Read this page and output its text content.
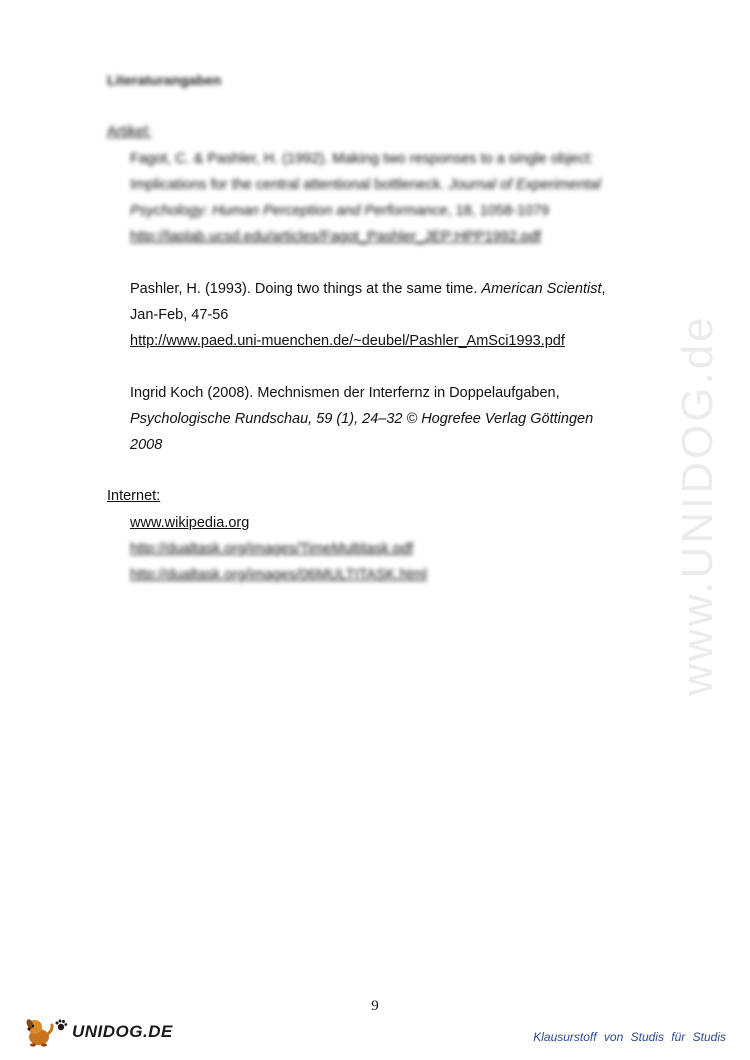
www.UNIDOG.de
Literaturangaben
Artikel:
Fagot, C. & Pashler, H. (1992). Making two responses to a single object:
Implications for the central attentional bottleneck. Journal of Experimental
Psychology: Human Perception and Performance, 18, 1058-1079
http://laplab.ucsd.edu/articles/Fagot_Pashler_JEP:HPP1992.pdf
Pashler, H. (1993). Doing two things at the same time. American Scientist,
Jan-Feb, 47-56
http://www.paed.uni-muenchen.de/~deubel/Pashler_AmSci1993.pdf
Ingrid Koch (2008). Mechnismen der Interfernz in Doppelaufgaben,
Psychologische Rundschau, 59 (1), 24–32 © Hogrefee Verlag Göttingen
2008
Internet:
www.wikipedia.org
http://dualtask.org/images/TimeMultitask.pdf
http://dualtask.org/images/06MULTITASK.html
9
UNIDOG.DE	Klausurstoff von Studis für Studis
